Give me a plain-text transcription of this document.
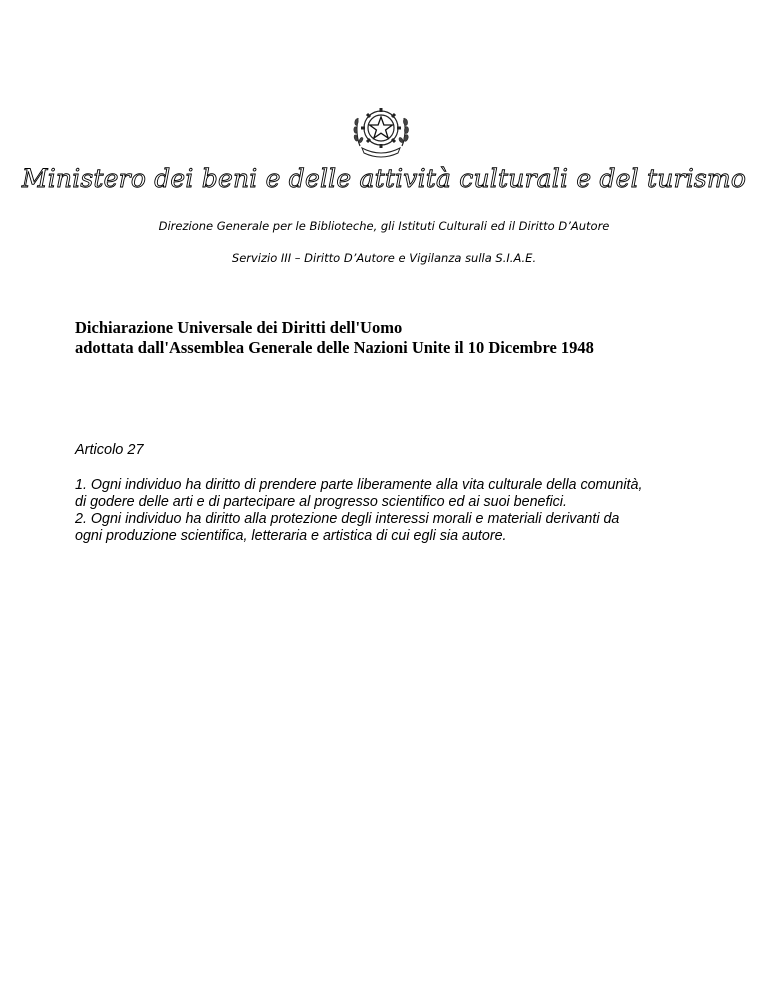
Ministero dei beni e delle attività culturali e del turismo
Direzione Generale per le Biblioteche, gli Istituti Culturali ed il Diritto D’Autore
Servizio III – Diritto D’Autore e Vigilanza sulla S.I.A.E.
Dichiarazione Universale dei Diritti dell'Uomo
adottata dall'Assemblea Generale delle Nazioni Unite il 10 Dicembre 1948
Articolo 27
1. Ogni individuo ha diritto di prendere parte liberamente alla vita culturale della comunità,
di godere delle arti e di partecipare al progresso scientifico ed ai suoi benefici.
2. Ogni individuo ha diritto alla protezione degli interessi morali e materiali derivanti da
ogni produzione scientifica, letteraria e artistica di cui egli sia autore.
